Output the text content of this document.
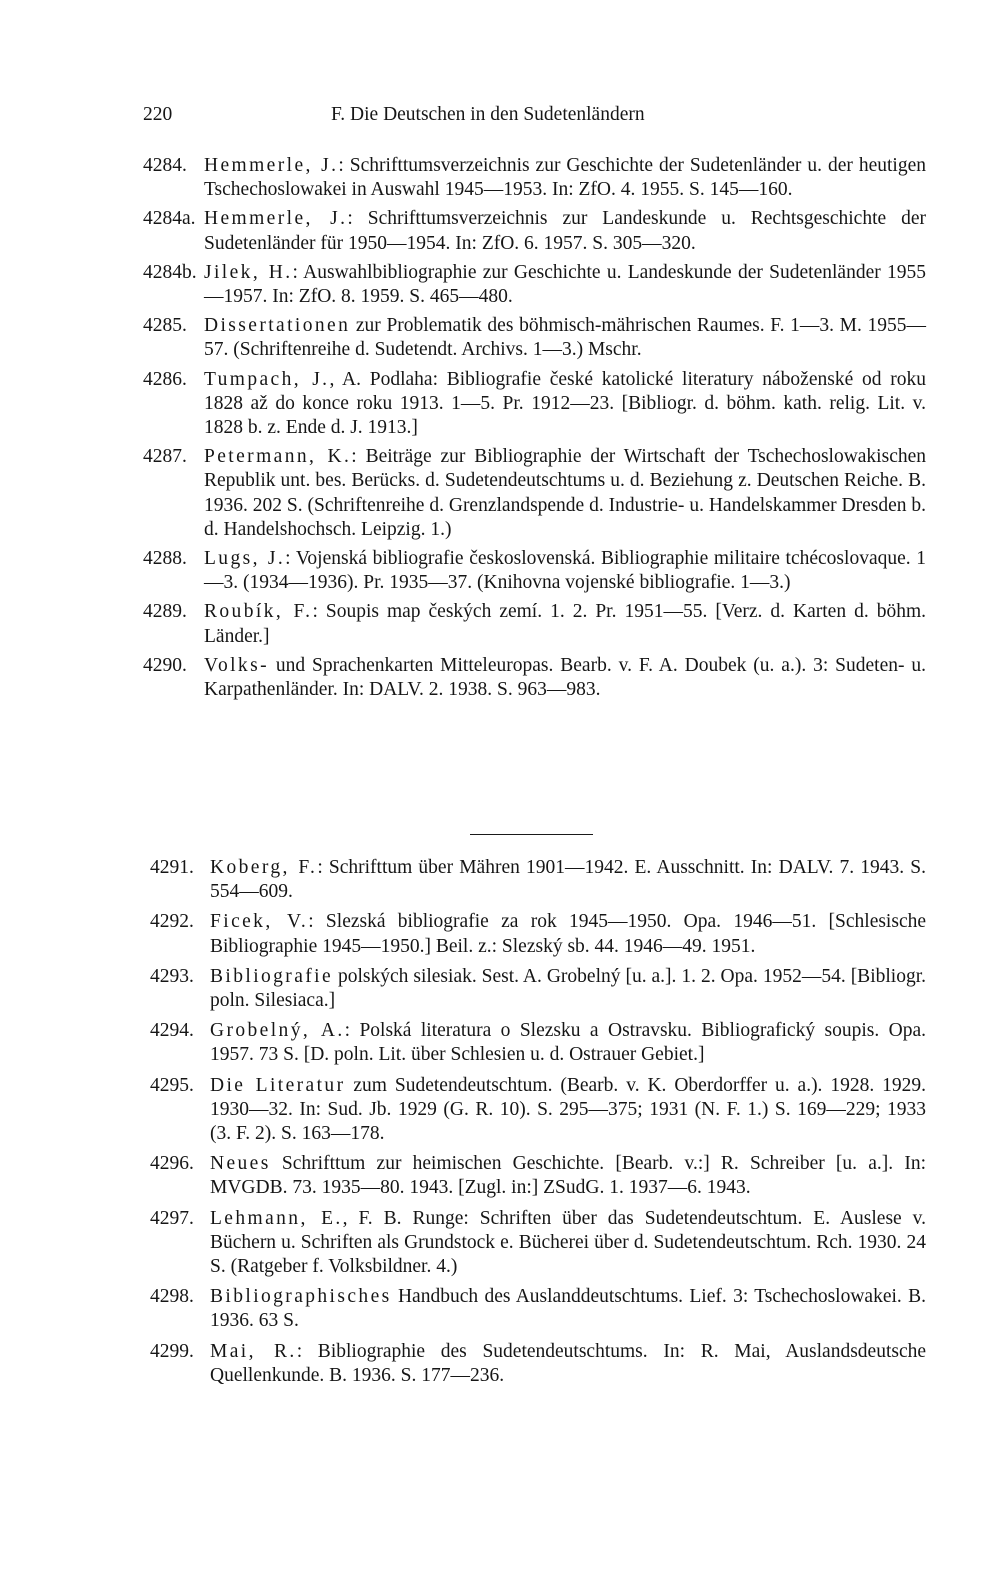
220	F. Die Deutschen in den Sudetenländern
4284. Hemmerle, J.: Schrifttumsverzeichnis zur Geschichte der Sudetenländer u. der heutigen Tschechoslowakei in Auswahl 1945—1953. In: ZfO. 4. 1955. S. 145—160.
4284a. Hemmerle, J.: Schrifttumsverzeichnis zur Landeskunde u. Rechtsgeschichte der Sudetenländer für 1950—1954. In: ZfO. 6. 1957. S. 305—320.
4284b. Jilek, H.: Auswahlbibliographie zur Geschichte u. Landeskunde der Sudetenländer 1955—1957. In: ZfO. 8. 1959. S. 465—480.
4285. Dissertationen zur Problematik des böhmisch-mährischen Raumes. F. 1—3. M. 1955—57. (Schriftenreihe d. Sudetendt. Archivs. 1—3.) Mschr.
4286. Tumpach, J., A. Podlaha: Bibliografie české katolické literatury náboženské od roku 1828 až do konce roku 1913. 1—5. Pr. 1912—23. [Bibliogr. d. böhm. kath. relig. Lit. v. 1828 b. z. Ende d. J. 1913.]
4287. Petermann, K.: Beiträge zur Bibliographie der Wirtschaft der Tschechoslowakischen Republik unt. bes. Berücks. d. Sudetendeutschtums u. d. Beziehung z. Deutschen Reiche. B. 1936. 202 S. (Schriftenreihe d. Grenzlandspende d. Industrie- u. Handelskammer Dresden b. d. Handelshochsch. Leipzig. 1.)
4288. Lugs, J.: Vojenská bibliografie československá. Bibliographie militaire tchécoslovaque. 1—3. (1934—1936). Pr. 1935—37. (Knihovna vojenské bibliografie. 1—3.)
4289. Roubík, F.: Soupis map českých zemí. 1. 2. Pr. 1951—55. [Verz. d. Karten d. böhm. Länder.]
4290. Volks- und Sprachenkarten Mitteleuropas. Bearb. v. F. A. Doubek (u. a.). 3: Sudeten- u. Karpathenländer. In: DALV. 2. 1938. S. 963—983.
4291. Koberg, F.: Schrifttum über Mähren 1901—1942. E. Ausschnitt. In: DALV. 7. 1943. S. 554—609.
4292. Ficek, V.: Slezská bibliografie za rok 1945—1950. Opa. 1946—51. [Schlesische Bibliographie 1945—1950.] Beil. z.: Slezský sb. 44. 1946—49. 1951.
4293. Bibliografie polských silesiak. Sest. A. Grobelný [u. a.]. 1. 2. Opa. 1952—54. [Bibliogr. poln. Silesiaca.]
4294. Grobelný, A.: Polská literatura o Slezsku a Ostravsku. Bibliografický soupis. Opa. 1957. 73 S. [D. poln. Lit. über Schlesien u. d. Ostrauer Gebiet.]
4295. Die Literatur zum Sudetendeutschtum. (Bearb. v. K. Oberdorffer u. a.). 1928. 1929. 1930—32. In: Sud. Jb. 1929 (G. R. 10). S. 295—375; 1931 (N. F. 1.) S. 169—229; 1933 (3. F. 2). S. 163—178.
4296. Neues Schrifttum zur heimischen Geschichte. [Bearb. v.:] R. Schreiber [u. a.]. In: MVGDB. 73. 1935—80. 1943. [Zugl. in:] ZSudG. 1. 1937—6. 1943.
4297. Lehmann, E., F. B. Runge: Schriften über das Sudetendeutschtum. E. Auslese v. Büchern u. Schriften als Grundstock e. Bücherei über d. Sudetendeutschtum. Rch. 1930. 24 S. (Ratgeber f. Volksbildner. 4.)
4298. Bibliographisches Handbuch des Auslanddeutschtums. Lief. 3: Tschechoslowakei. B. 1936. 63 S.
4299. Mai, R.: Bibliographie des Sudetendeutschtums. In: R. Mai, Auslandsdeutsche Quellenkunde. B. 1936. S. 177—236.
